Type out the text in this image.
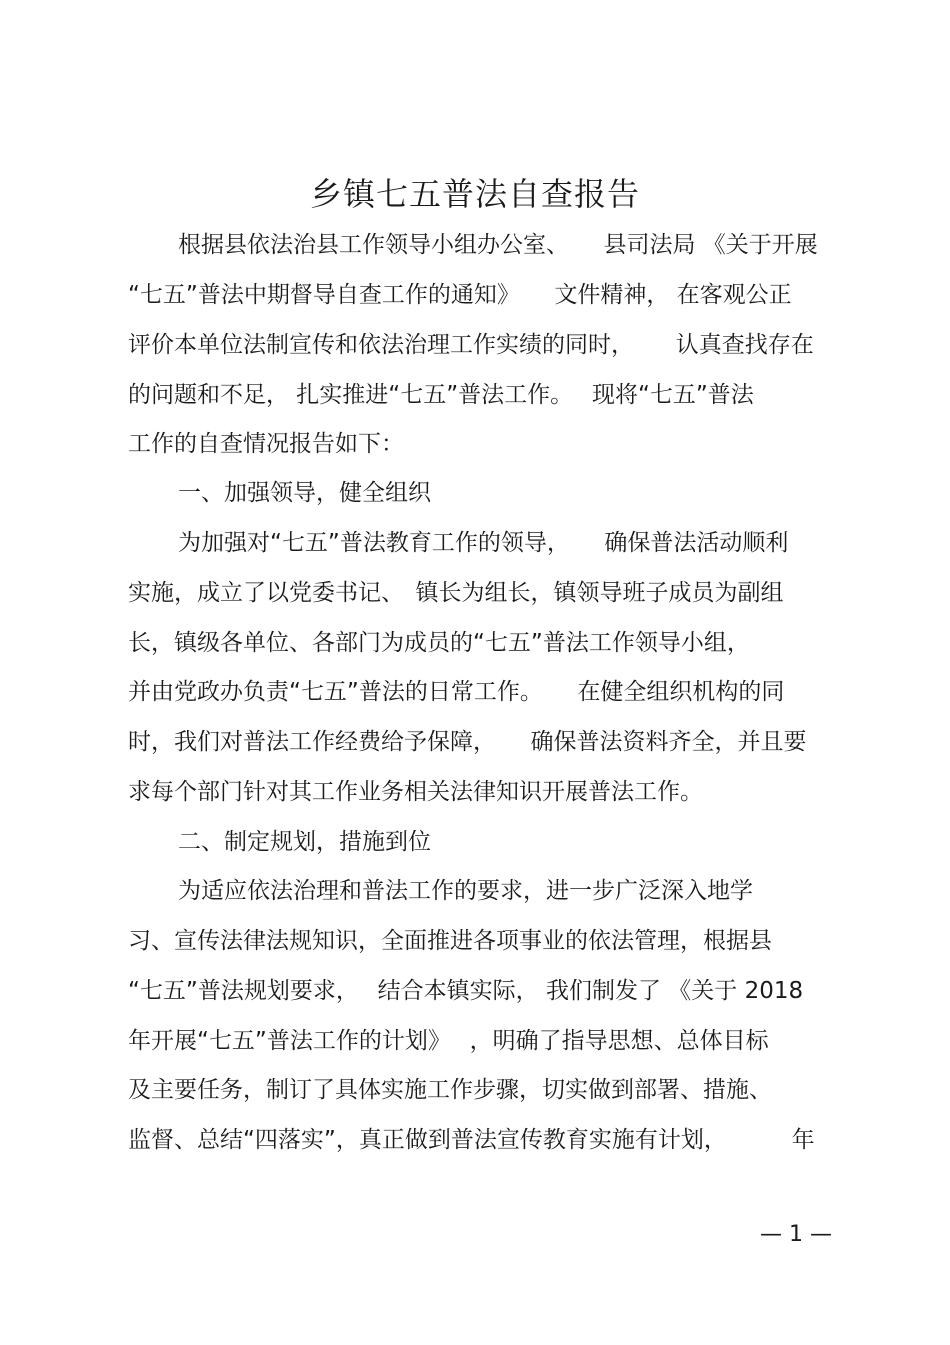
乡镇七五普法自查报告
根据县依法治县工作领导小组办公室、　　县司法局 《关于开展
“七五”普法中期督导自查工作的通知》　　文件精神， 在客观公正
评价本单位法制宣传和依法治理工作实绩的同时，　　 认真查找存在
的问题和不足， 扎实推进“七五”普法工作。　 现将“七五”普法
工作的自查情况报告如下：
一、加强领导，健全组织
为加强对“七五”普法教育工作的领导，　　确保普法活动顺利
实施，成立了以党委书记、　镇长为组长，镇领导班子成员为副组
长，镇级各单位、各部门为成员的“七五”普法工作领导小组，
并由党政办负责“七五”普法的日常工作。　　在健全组织机构的同
时，我们对普法工作经费给予保障，　　确保普法资料齐全，并且要
求每个部门针对其工作业务相关法律知识开展普法工作。
二、制定规划，措施到位
为适应依法治理和普法工作的要求，进一步广泛深入地学
习、宣传法律法规知识，全面推进各项事业的依法管理，根据县
“七五”普法规划要求，　 结合本镇实际， 我们制发了 《关于 2018
年开展“七五”普法工作的计划》　 ，明确了指导思想、总体目标
及主要任务，制订了具体实施工作步骤，切实做到部署、措施、
监督、总结“四落实”，真正做到普法宣传教育实施有计划，　　　 年
— 1 —
